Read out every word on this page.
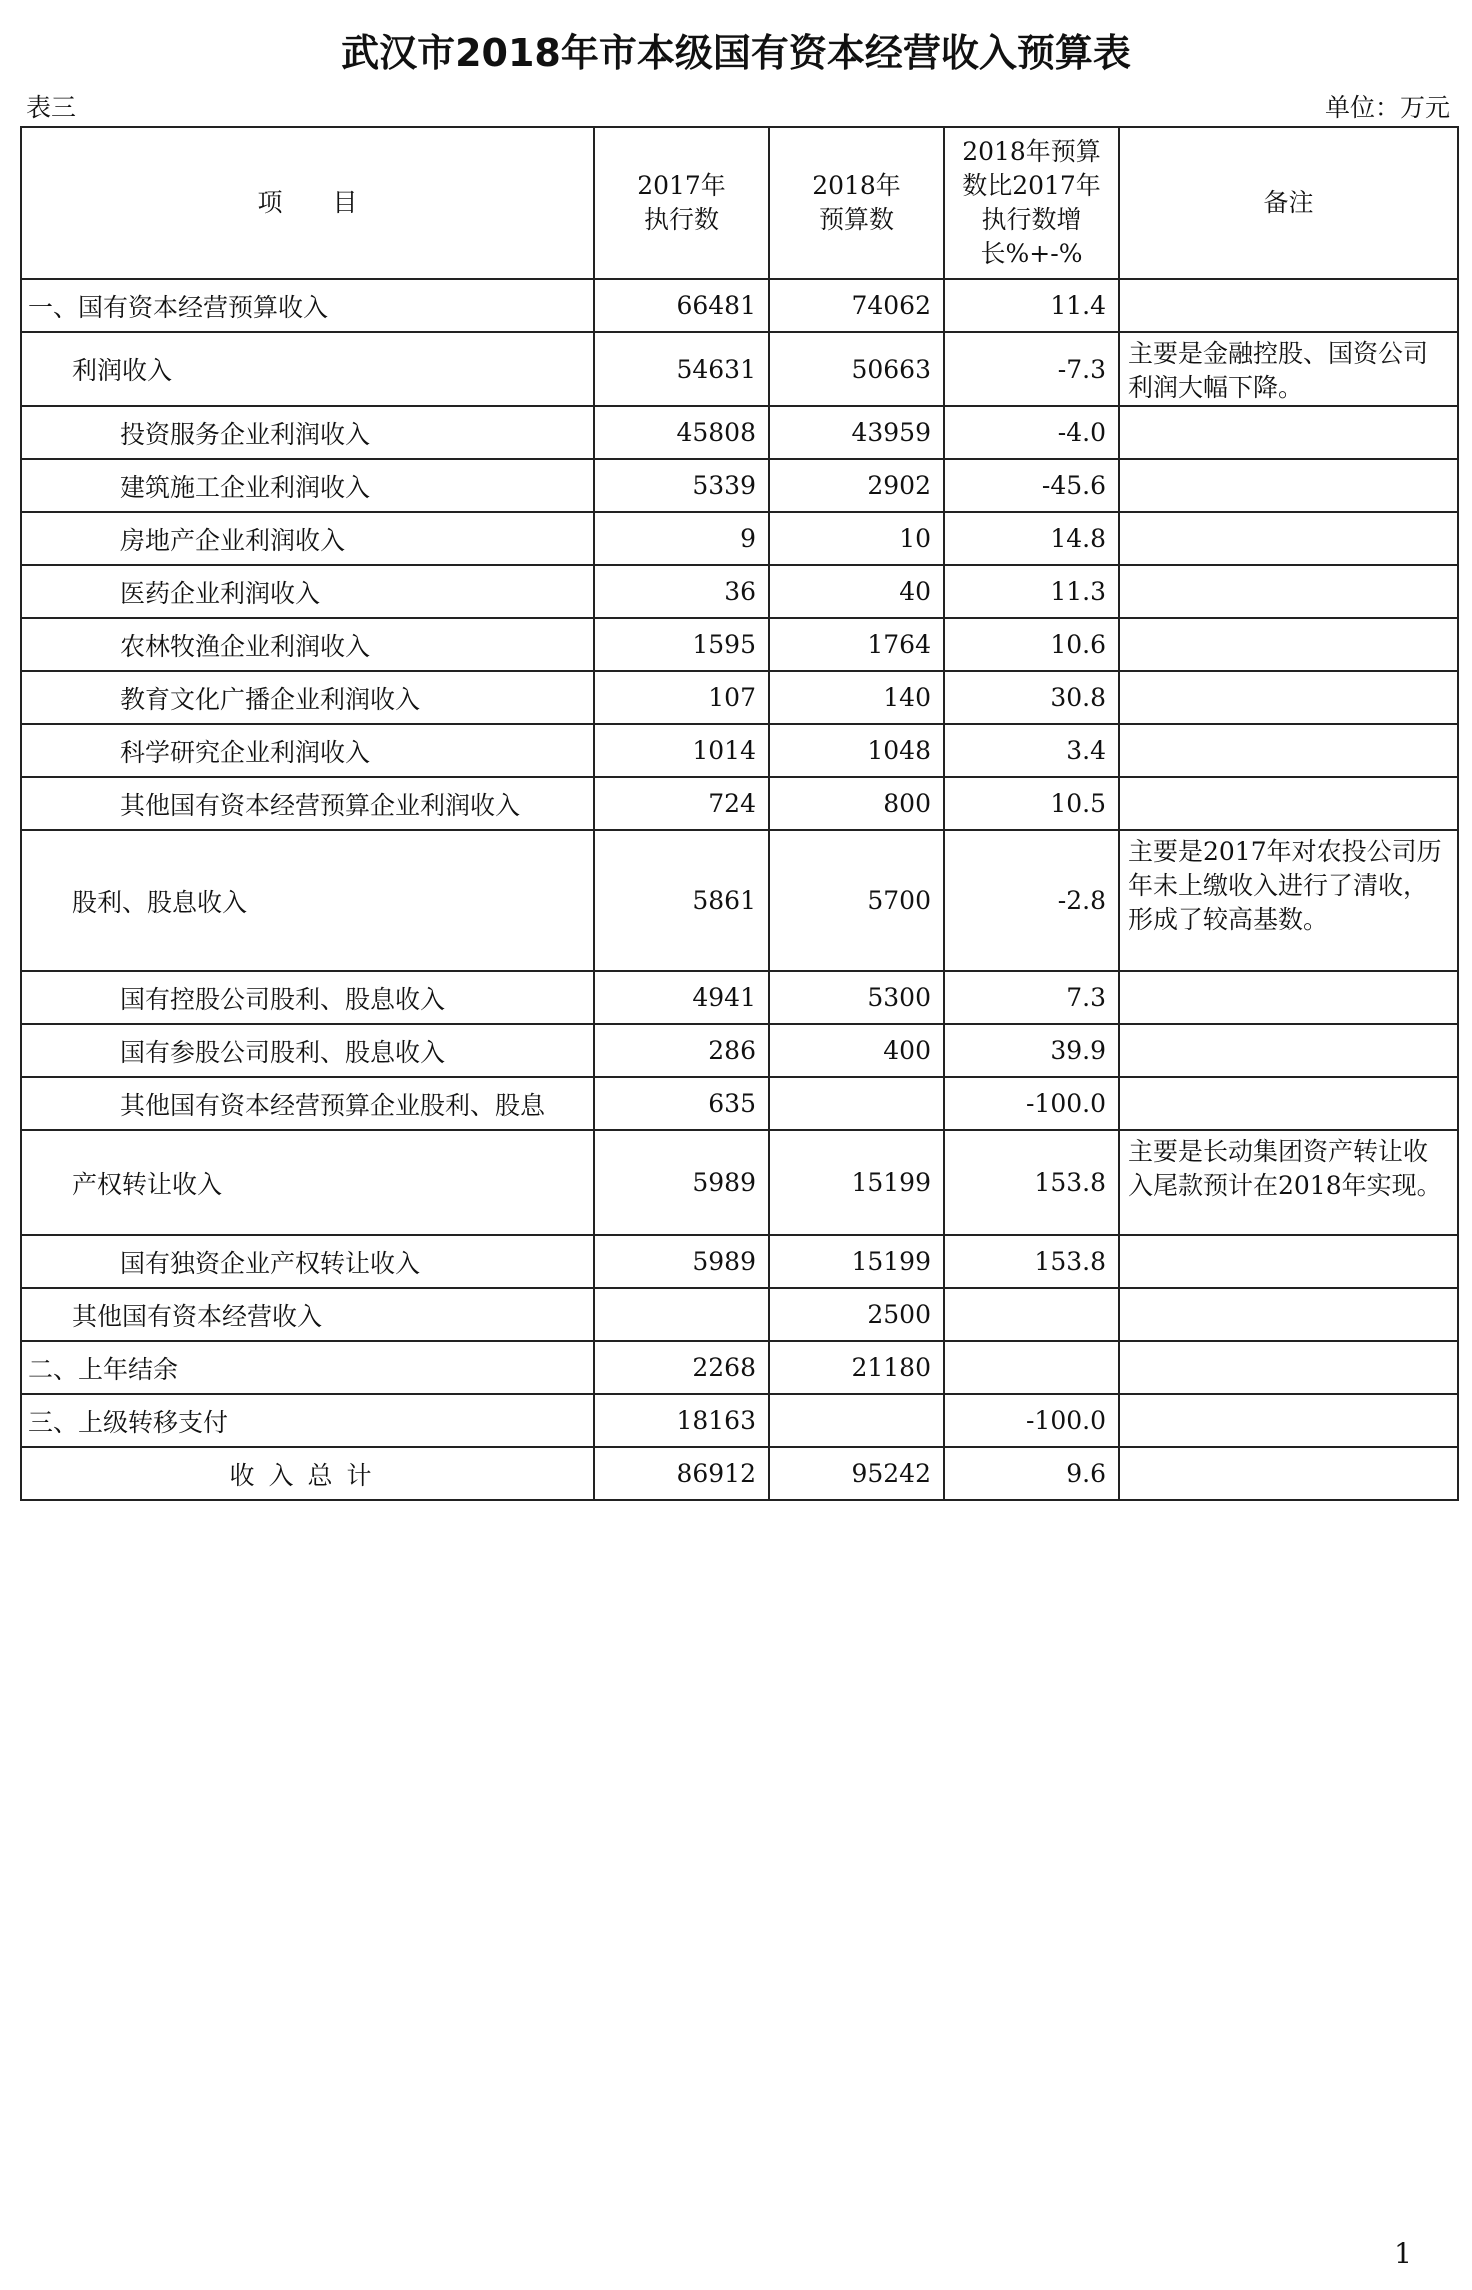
武汉市2018年市本级国有资本经营收入预算表
表三	单位：万元
项　　目	2017年执行数	2018年预算数	2018年预算数比2017年执行数增长%+-%	备注
一、国有资本经营预算收入	66481	74062	11.4	
利润收入	54631	50663	-7.3	主要是金融控股、国资公司利润大幅下降。
投资服务企业利润收入	45808	43959	-4.0	
建筑施工企业利润收入	5339	2902	-45.6	
房地产企业利润收入	9	10	14.8	
医药企业利润收入	36	40	11.3	
农林牧渔企业利润收入	1595	1764	10.6	
教育文化广播企业利润收入	107	140	30.8	
科学研究企业利润收入	1014	1048	3.4	
其他国有资本经营预算企业利润收入	724	800	10.5	
股利、股息收入	5861	5700	-2.8	主要是2017年对农投公司历年未上缴收入进行了清收，形成了较高基数。
国有控股公司股利、股息收入	4941	5300	7.3	
国有参股公司股利、股息收入	286	400	39.9	
其他国有资本经营预算企业股利、股息	635		-100.0	
产权转让收入	5989	15199	153.8	主要是长动集团资产转让收入尾款预计在2018年实现。
国有独资企业产权转让收入	5989	15199	153.8	
其他国有资本经营收入		2500		
二、上年结余	2268	21180		
三、上级转移支付	18163		-100.0	
收入总计	86912	95242	9.6	
1
